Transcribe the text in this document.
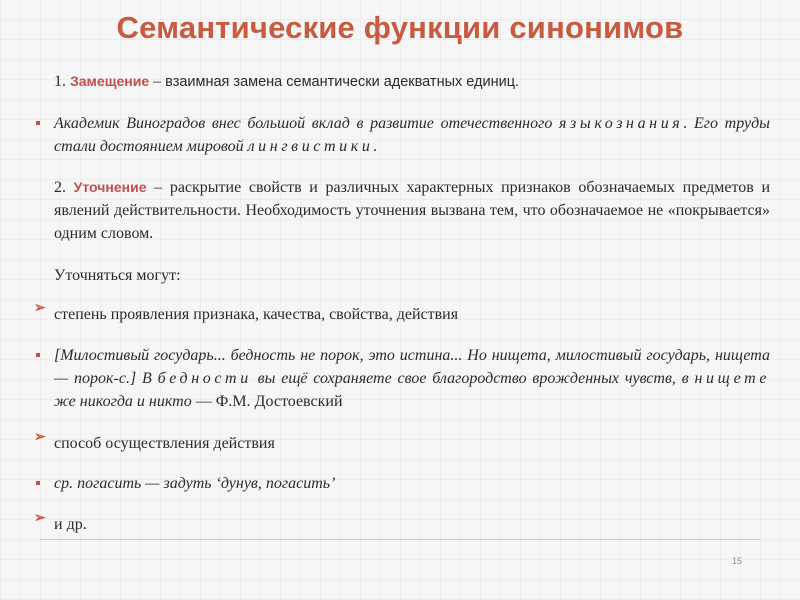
Семантические функции синонимов
1. Замещение – взаимная замена семантически адекватных единиц.
Академик Виноградов внес большой вклад в развитие отечественного языкознания. Его труды стали достоянием мировой лингвистики.
2. Уточнение – раскрытие свойств и различных характерных признаков обозначаемых предметов и явлений действительности. Необходимость уточнения вызвана тем, что обозначаемое не «покрывается» одним словом.
Уточняться могут:
➢ степень проявления признака, качества, свойства, действия
[Милостивый государь... бедность не порок, это истина... Но нищета, милостивый государь, нищета — порок-с.] В бедности вы ещё сохраняете свое благородство врожденных чувств, в нищете же никогда и никто — Ф.М. Достоевский
➢ способ осуществления действия
ср. погасить — задуть ‘дунув, погасить’
➢ и др.
15
